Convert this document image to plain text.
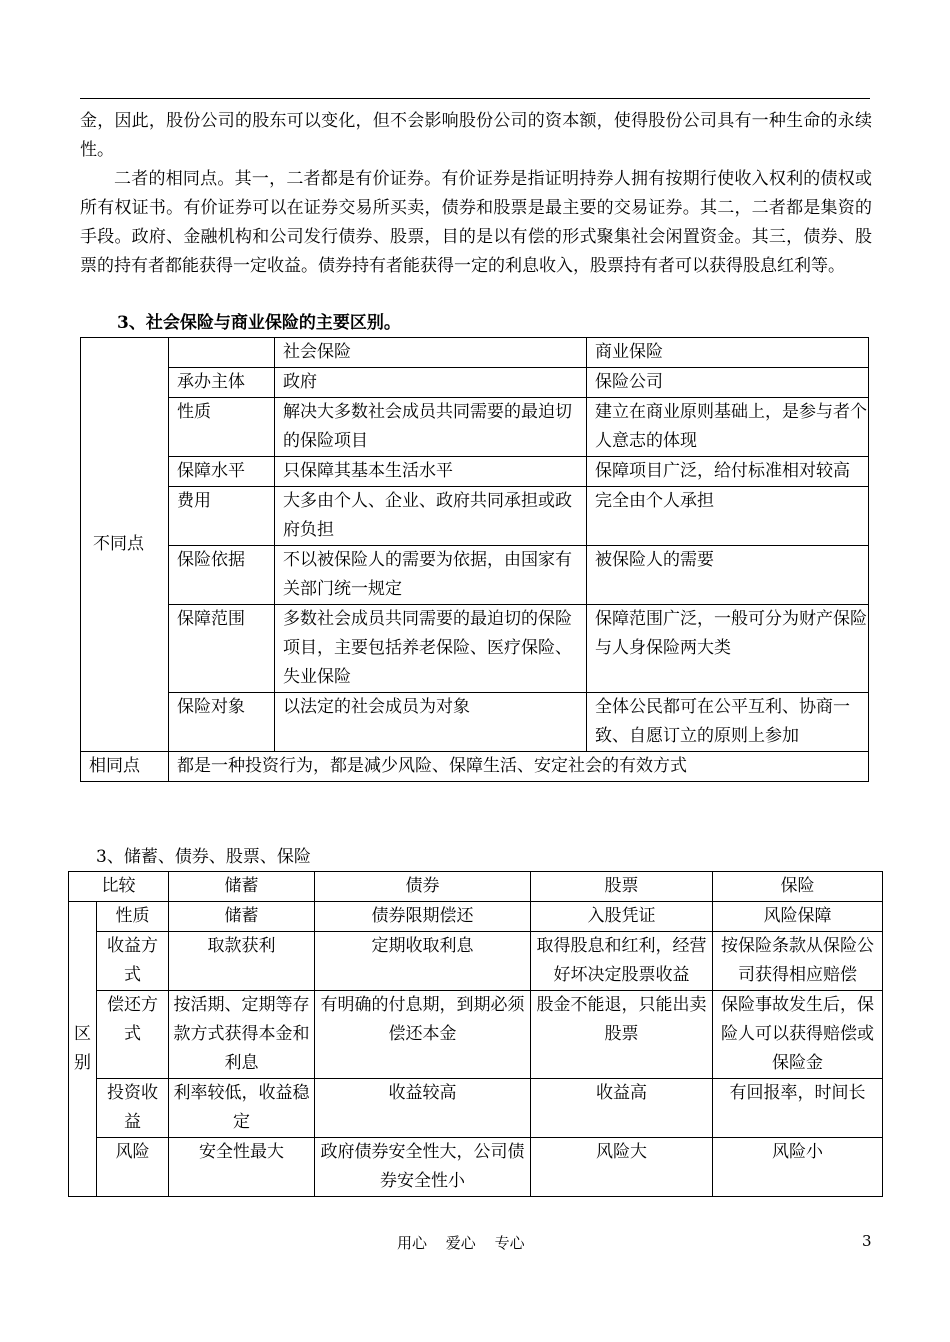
金，因此，股份公司的股东可以变化，但不会影响股份公司的资本额，使得股份公司具有一种生命的永续性。

二者的相同点。其一，二者都是有价证券。有价证券是指证明持券人拥有按期行使收入权利的债权或所有权证书。有价证券可以在证券交易所买卖，债券和股票是最主要的交易证券。其二，二者都是集资的手段。政府、金融机构和公司发行债券、股票，目的是以有偿的形式聚集社会闲置资金。其三，债券、股票的持有者都能获得一定收益。债券持有者能获得一定的利息收入，股票持有者可以获得股息红利等。

3、社会保险与商业保险的主要区别。
不同点		社会保险	商业保险
	承办主体	政府	保险公司
	性质	解决大多数社会成员共同需要的最迫切的保险项目	建立在商业原则基础上，是参与者个人意志的体现
	保障水平	只保障其基本生活水平	保障项目广泛，给付标准相对较高
	费用	大多由个人、企业、政府共同承担或政府负担	完全由个人承担
	保险依据	不以被保险人的需要为依据，由国家有关部门统一规定	被保险人的需要
	保障范围	多数社会成员共同需要的最迫切的保险项目，主要包括养老保险、医疗保险、失业保险	保障范围广泛，一般可分为财产保险与人身保险两大类
	保险对象	以法定的社会成员为对象	全体公民都可在公平互利、协商一致、自愿订立的原则上参加
相同点	都是一种投资行为，都是减少风险、保障生活、安定社会的有效方式		
3、储蓄、债券、股票、保险
比较		储蓄	债券	股票	保险
区别	性质	储蓄	债券限期偿还	入股凭证	风险保障
	收益方式	取款获利	定期收取利息	取得股息和红利，经营好坏决定股票收益	按保险条款从保险公司获得相应赔偿
	偿还方式	按活期、定期等存款方式获得本金和利息	有明确的付息期，到期必须偿还本金	股金不能退，只能出卖股票	保险事故发生后，保险人可以获得赔偿或保险金
	投资收益	利率较低，收益稳定	收益较高	收益高	有回报率，时间长
	风险	安全性最大	政府债券安全性大，公司债券安全性小	风险大	风险小
用心 爱心 专心	3
